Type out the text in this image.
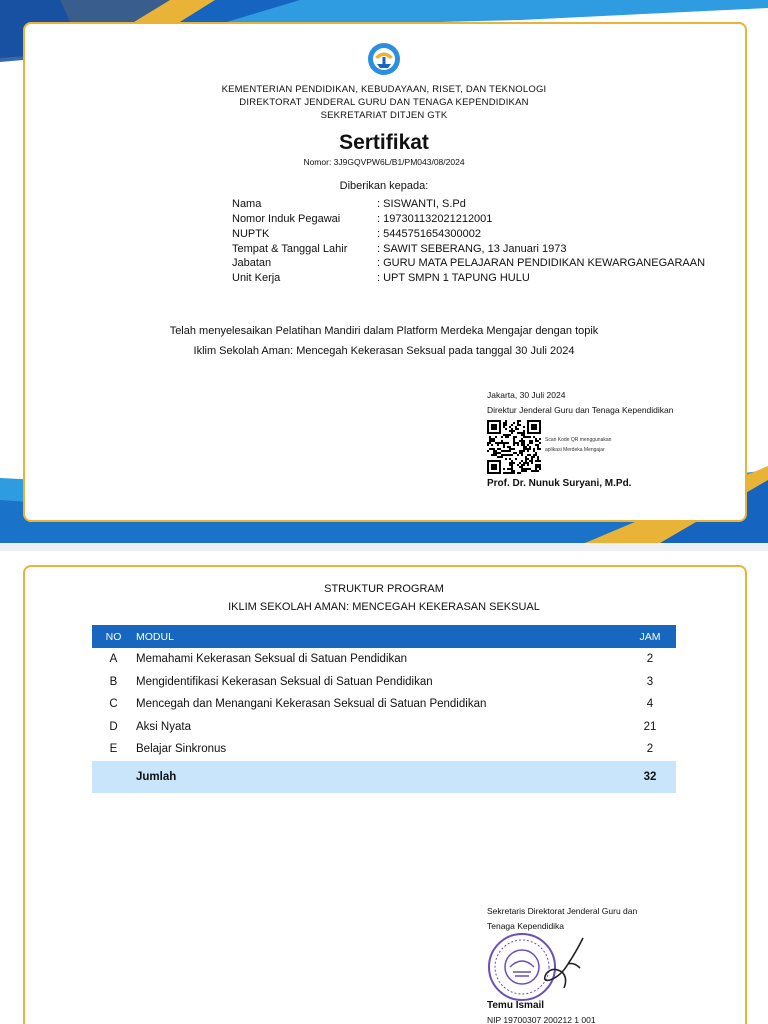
KEMENTERIAN PENDIDIKAN, KEBUDAYAAN, RISET, DAN TEKNOLOGI
DIREKTORAT JENDERAL GURU DAN TENAGA KEPENDIDIKAN
SEKRETARIAT DITJEN GTK
Sertifikat
Nomor: 3J9GQVPW6L/B1/PM043/08/2024
Diberikan kepada:
Nama	: SISWANTI, S.Pd
Nomor Induk Pegawai	: 197301132021212001
NUPTK	: 5445751654300002
Tempat & Tanggal Lahir	: SAWIT SEBERANG, 13 Januari 1973
Jabatan	: GURU MATA PELAJARAN PENDIDIKAN KEWARGANEGARAAN
Unit Kerja	: UPT SMPN 1 TAPUNG HULU
Telah menyelesaikan Pelatihan Mandiri dalam Platform Merdeka Mengajar dengan topik
Iklim Sekolah Aman: Mencegah Kekerasan Seksual pada tanggal 30 Juli 2024
Jakarta, 30 Juli 2024
Direktur Jenderal Guru dan Tenaga Kependidikan
Scan Kode QR menggunakan
aplikasi Merdeka Mengajar
Prof. Dr. Nunuk Suryani, M.Pd.
STRUKTUR PROGRAM
IKLIM SEKOLAH AMAN: MENCEGAH KEKERASAN SEKSUAL
NO	MODUL	JAM
A	Memahami Kekerasan Seksual di Satuan Pendidikan	2
B	Mengidentifikasi Kekerasan Seksual di Satuan Pendidikan	3
C	Mencegah dan Menangani Kekerasan Seksual di Satuan Pendidikan	4
D	Aksi Nyata	21
E	Belajar Sinkronus	2
	Jumlah	32
Sekretaris Direktorat Jenderal Guru dan
Tenaga Kependidika
Temu Ismail
NIP 19700307 200212 1 001
